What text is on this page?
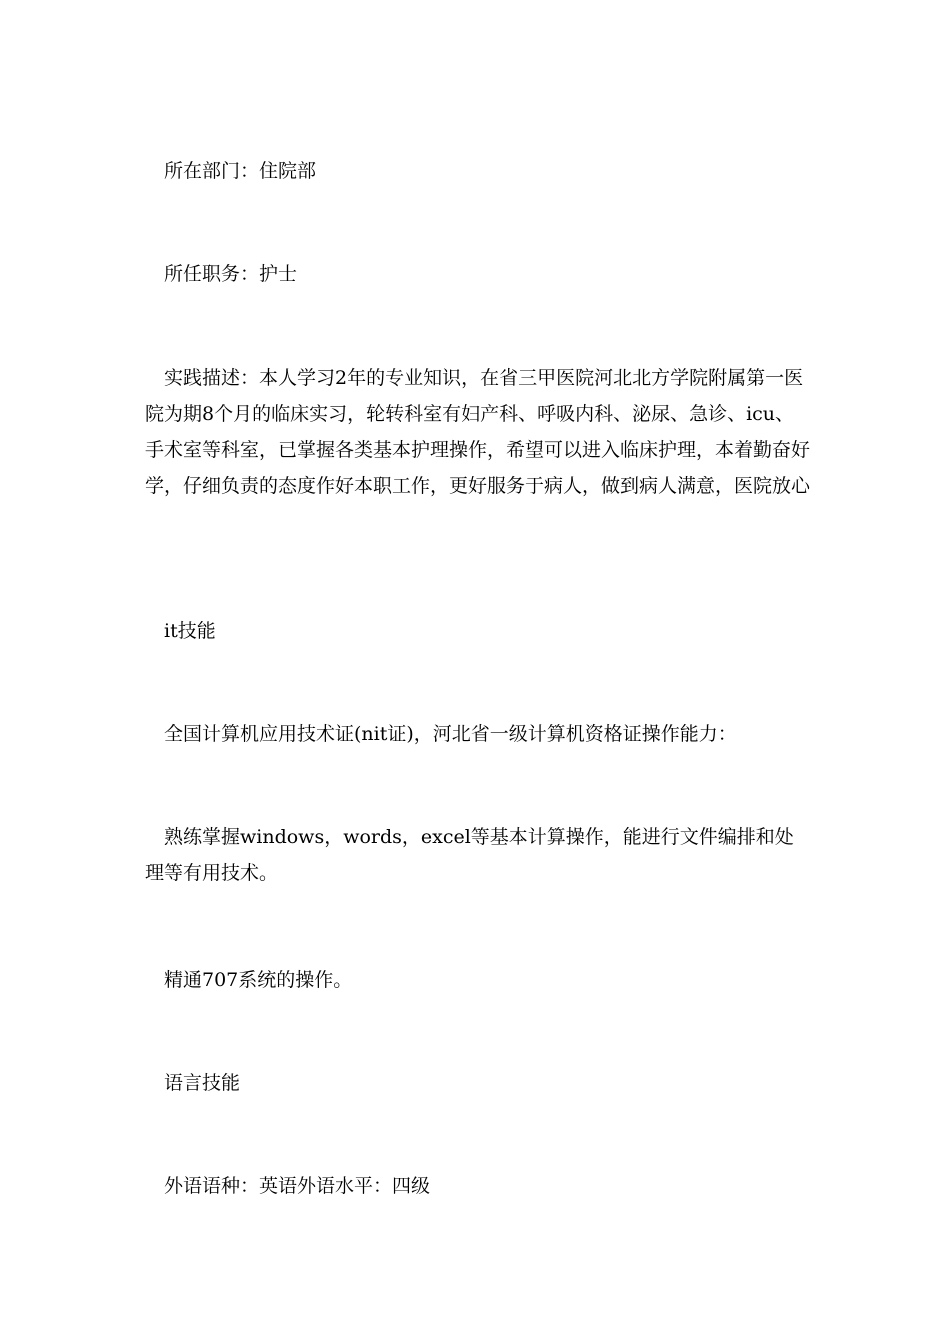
所在部门：住院部

所任职务：护士

实践描述：本人学习2年的专业知识，在省三甲医院河北北方学院附属第一医院为期8个月的临床实习，轮转科室有妇产科、呼吸内科、泌尿、急诊、icu、手术室等科室，已掌握各类基本护理操作，希望可以进入临床护理，本着勤奋好学，仔细负责的态度作好本职工作，更好服务于病人，做到病人满意，医院放心

it技能

全国计算机应用技术证(nit证)，河北省一级计算机资格证操作能力：

熟练掌握windows，words，excel等基本计算操作，能进行文件编排和处理等有用技术。

精通707系统的操作。

语言技能

外语语种：英语外语水平：四级
